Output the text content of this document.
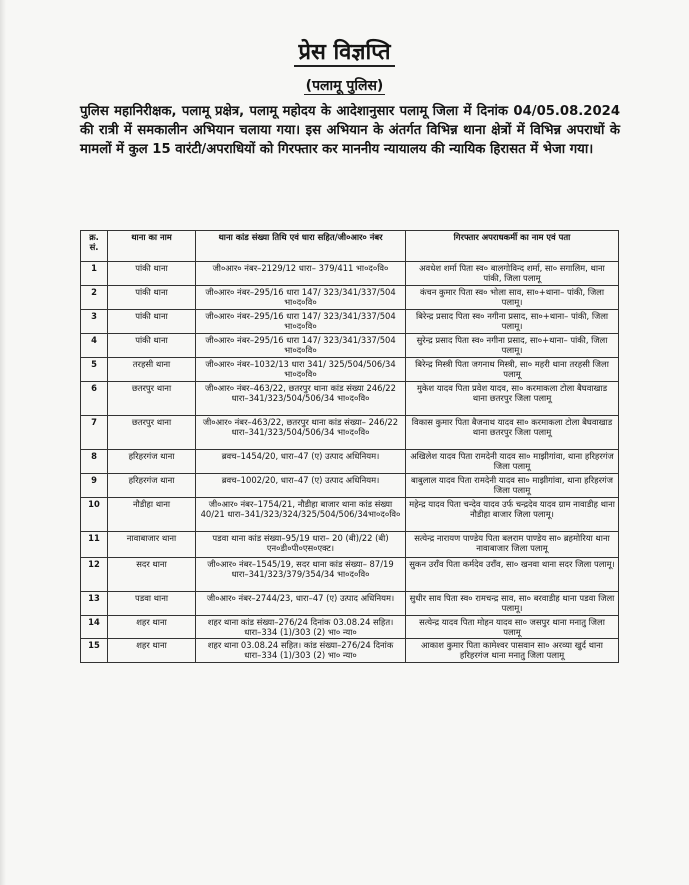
प्रेस विज्ञप्ति
(पलामू पुलिस)
पुलिस महानिरीक्षक, पलामू प्रक्षेत्र, पलामू महोदय के आदेशानुसार पलामू जिला में दिनांक 04/05.08.2024 की रात्री में समकालीन अभियान चलाया गया। इस अभियान के अंतर्गत विभिन्न थाना क्षेत्रों में विभिन्न अपराधों के मामलों में कुल 15 वारंटी/अपराधियों को गिरफ्तार कर माननीय न्यायालय की न्यायिक हिरासत में भेजा गया।
क्र. सं.	थाना का नाम	थाना कांड संख्या तिथि एवं धारा सहित/जी०आर० नंबर	गिरफ्तार अपराधकर्मी का नाम एवं पता
1	पांकी थाना	जी०आर० नंबर–2129/12 धारा– 379/411 भा०द०वि०	अवधेश शर्मा पिता स्व० बालगोविन्द शर्मा, सा० सगालिम, थाना पांकी, जिला पलामू
2	पांकी थाना	जी०आर० नंबर–295/16 धारा 147/ 323/341/337/504 भा०द०वि०	कंचन कुमार पिता स्व० भोला साव, सा०+थाना– पांकी, जिला पलामू।
3	पांकी थाना	जी०आर० नंबर–295/16 धारा 147/ 323/341/337/504 भा०द०वि०	बिरेन्द्र प्रसाद पिता स्व० नगीना प्रसाद, सा०+थाना– पांकी, जिला पलामू।
4	पांकी थाना	जी०आर० नंबर–295/16 धारा 147/ 323/341/337/504 भा०द०वि०	सुरेन्द्र प्रसाद पिता स्व० नगीना प्रसाद, सा०+थाना– पांकी, जिला पलामू।
5	तरहसी थाना	जी०आर० नंबर–1032/13 धारा 341/ 325/504/506/34 भा०द०वि०	बिरेन्द्र मिस्त्री पिता जगनाथ मिस्त्री, सा० महरी थाना तरहसी जिला पलामू
6	छतरपुर थाना	जी०आर० नंबर–463/22, छतरपुर थाना कांड संख्या 246/22 धारा–341/323/504/506/34 भा०द०वि०	मुकेश यादव पिता प्रवेश यादव, सा० करमाकला टोला बैघवाखाड थाना छतरपुर जिला पलामू
7	छतरपुर थाना	जी०आर० नंबर–463/22, छतरपुर थाना कांड संख्या– 246/22 धारा–341/323/504/506/34 भा०द०वि०	विकास कुमार पिता बैजनाथ यादव सा० करमाकला टोला बैघवाखाड थाना छतरपुर जिला पलामू
8	हरिहरगंज थाना	ब्रवच–1454/20, धारा–47 (ए) उत्पाद अधिनियम।	अखिलेश यादव पिता रामदेनी यादव सा० माझीगांवा, थाना हरिहरगंज जिला पलामू
9	हरिहरगंज थाना	ब्रवच–1002/20, धारा–47 (ए) उत्पाद अधिनियम।	बाबुलाल यादव पिता रामदेनी यादव सा० माझीगांवा, थाना हरिहरगंज जिला पलामू
10	नौडीहा थाना	जी०आर० नंबर–1754/21, नौडीहा बाजार थाना कांड संख्या 40/21 धारा–341/323/324/325/504/506/34भा०द०वि०	महेन्द्र यादव पिता चन्देव यादव उर्फ चन्द्रदेव यादव ग्राम नावाडीह थाना नौडीहा बाजार जिला पलामू।
11	नावाबाजार थाना	पडवा थाना कांड संख्या–95/19 धारा– 20 (बी)/22 (बी) एन०डी०पी०एस०एक्ट।	सत्येन्द्र नारायण पाण्डेय पिता बलराम पाण्डेय सा० ब्रहमोरिया थाना नावाबाजार जिला पलामू
12	सदर थाना	जी०आर० नंबर–1545/19, सदर थाना कांड संख्या– 87/19 धारा–341/323/379/354/34 भा०द०वि०	सुकन उराँव पिता कर्मदेव उराँव, सा० खनवा थाना सदर जिला पलामू।
13	पडवा थाना	जी०आर० नंबर–2744/23, धारा–47 (ए) उत्पाद अधिनियम।	सुधीर साव पिता स्व० रामचन्द्र साव, सा० बरवाडीह थाना पडवा जिला पलामू।
14	शहर थाना	शहर थाना कांड संख्या–276/24 दिनांक 03.08.24 सहित। धारा–334 (1)/303 (2) भा० न्या०	सत्येन्द्र यादव पिता मोहन यादव सा० जसपुर थाना मनातु जिला पलामू
15	शहर थाना	शहर थाना 03.08.24 सहित। कांड संख्या–276/24 दिनांक धारा–334 (1)/303 (2) भा० न्या०	आकाश कुमार पिता कामेश्वर पासवान सा० अरव्या खुर्द थाना हरिहरगंज थाना मनातु जिला पलामू
